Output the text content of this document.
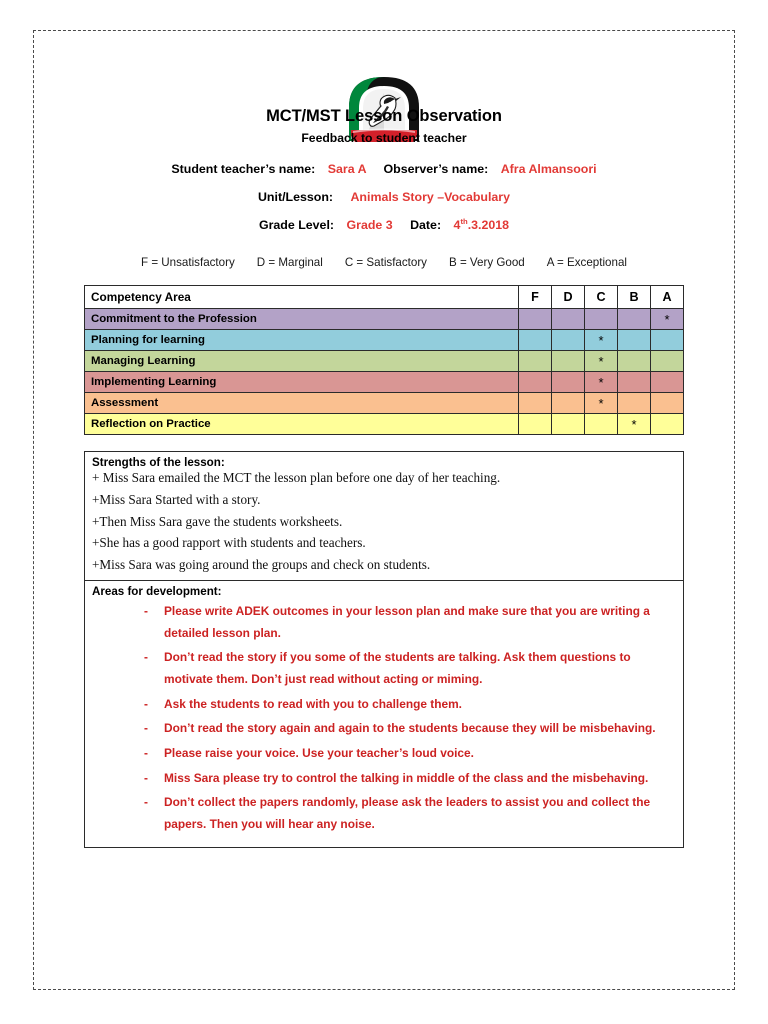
MCT/MST Lesson Observation
Feedback to student teacher
Student teacher’s name: Sara A Observer’s name: Afra Almansoori
Unit/Lesson: Animals Story –Vocabulary
Grade Level: Grade 3 Date: 4th.3.2018
F = Unsatisfactory D = Marginal C = Satisfactory B = Very Good A = Exceptional
Competency Area	F	D	C	B	A
Commitment to the Profession					*
Planning for learning			*		
Managing Learning			*		
Implementing Learning			*		
Assessment			*		
Reflection on Practice				*	
Strengths of the lesson:
+ Miss Sara emailed the MCT the lesson plan before one day of her teaching.
+Miss Sara Started with a story.
+Then Miss Sara gave the students worksheets.
+She has a good rapport with students and teachers.
+Miss Sara was going around the groups and check on students.
Areas for development:
- Please write ADEK outcomes in your lesson plan and make sure that you are writing a detailed lesson plan.
- Don’t read the story if you some of the students are talking. Ask them questions to motivate them. Don’t just read without acting or miming.
- Ask the students to read with you to challenge them.
- Don’t read the story again and again to the students because they will be misbehaving.
- Please raise your voice. Use your teacher’s loud voice.
- Miss Sara please try to control the talking in middle of the class and the misbehaving.
- Don’t collect the papers randomly, please ask the leaders to assist you and collect the papers. Then you will hear any noise.
